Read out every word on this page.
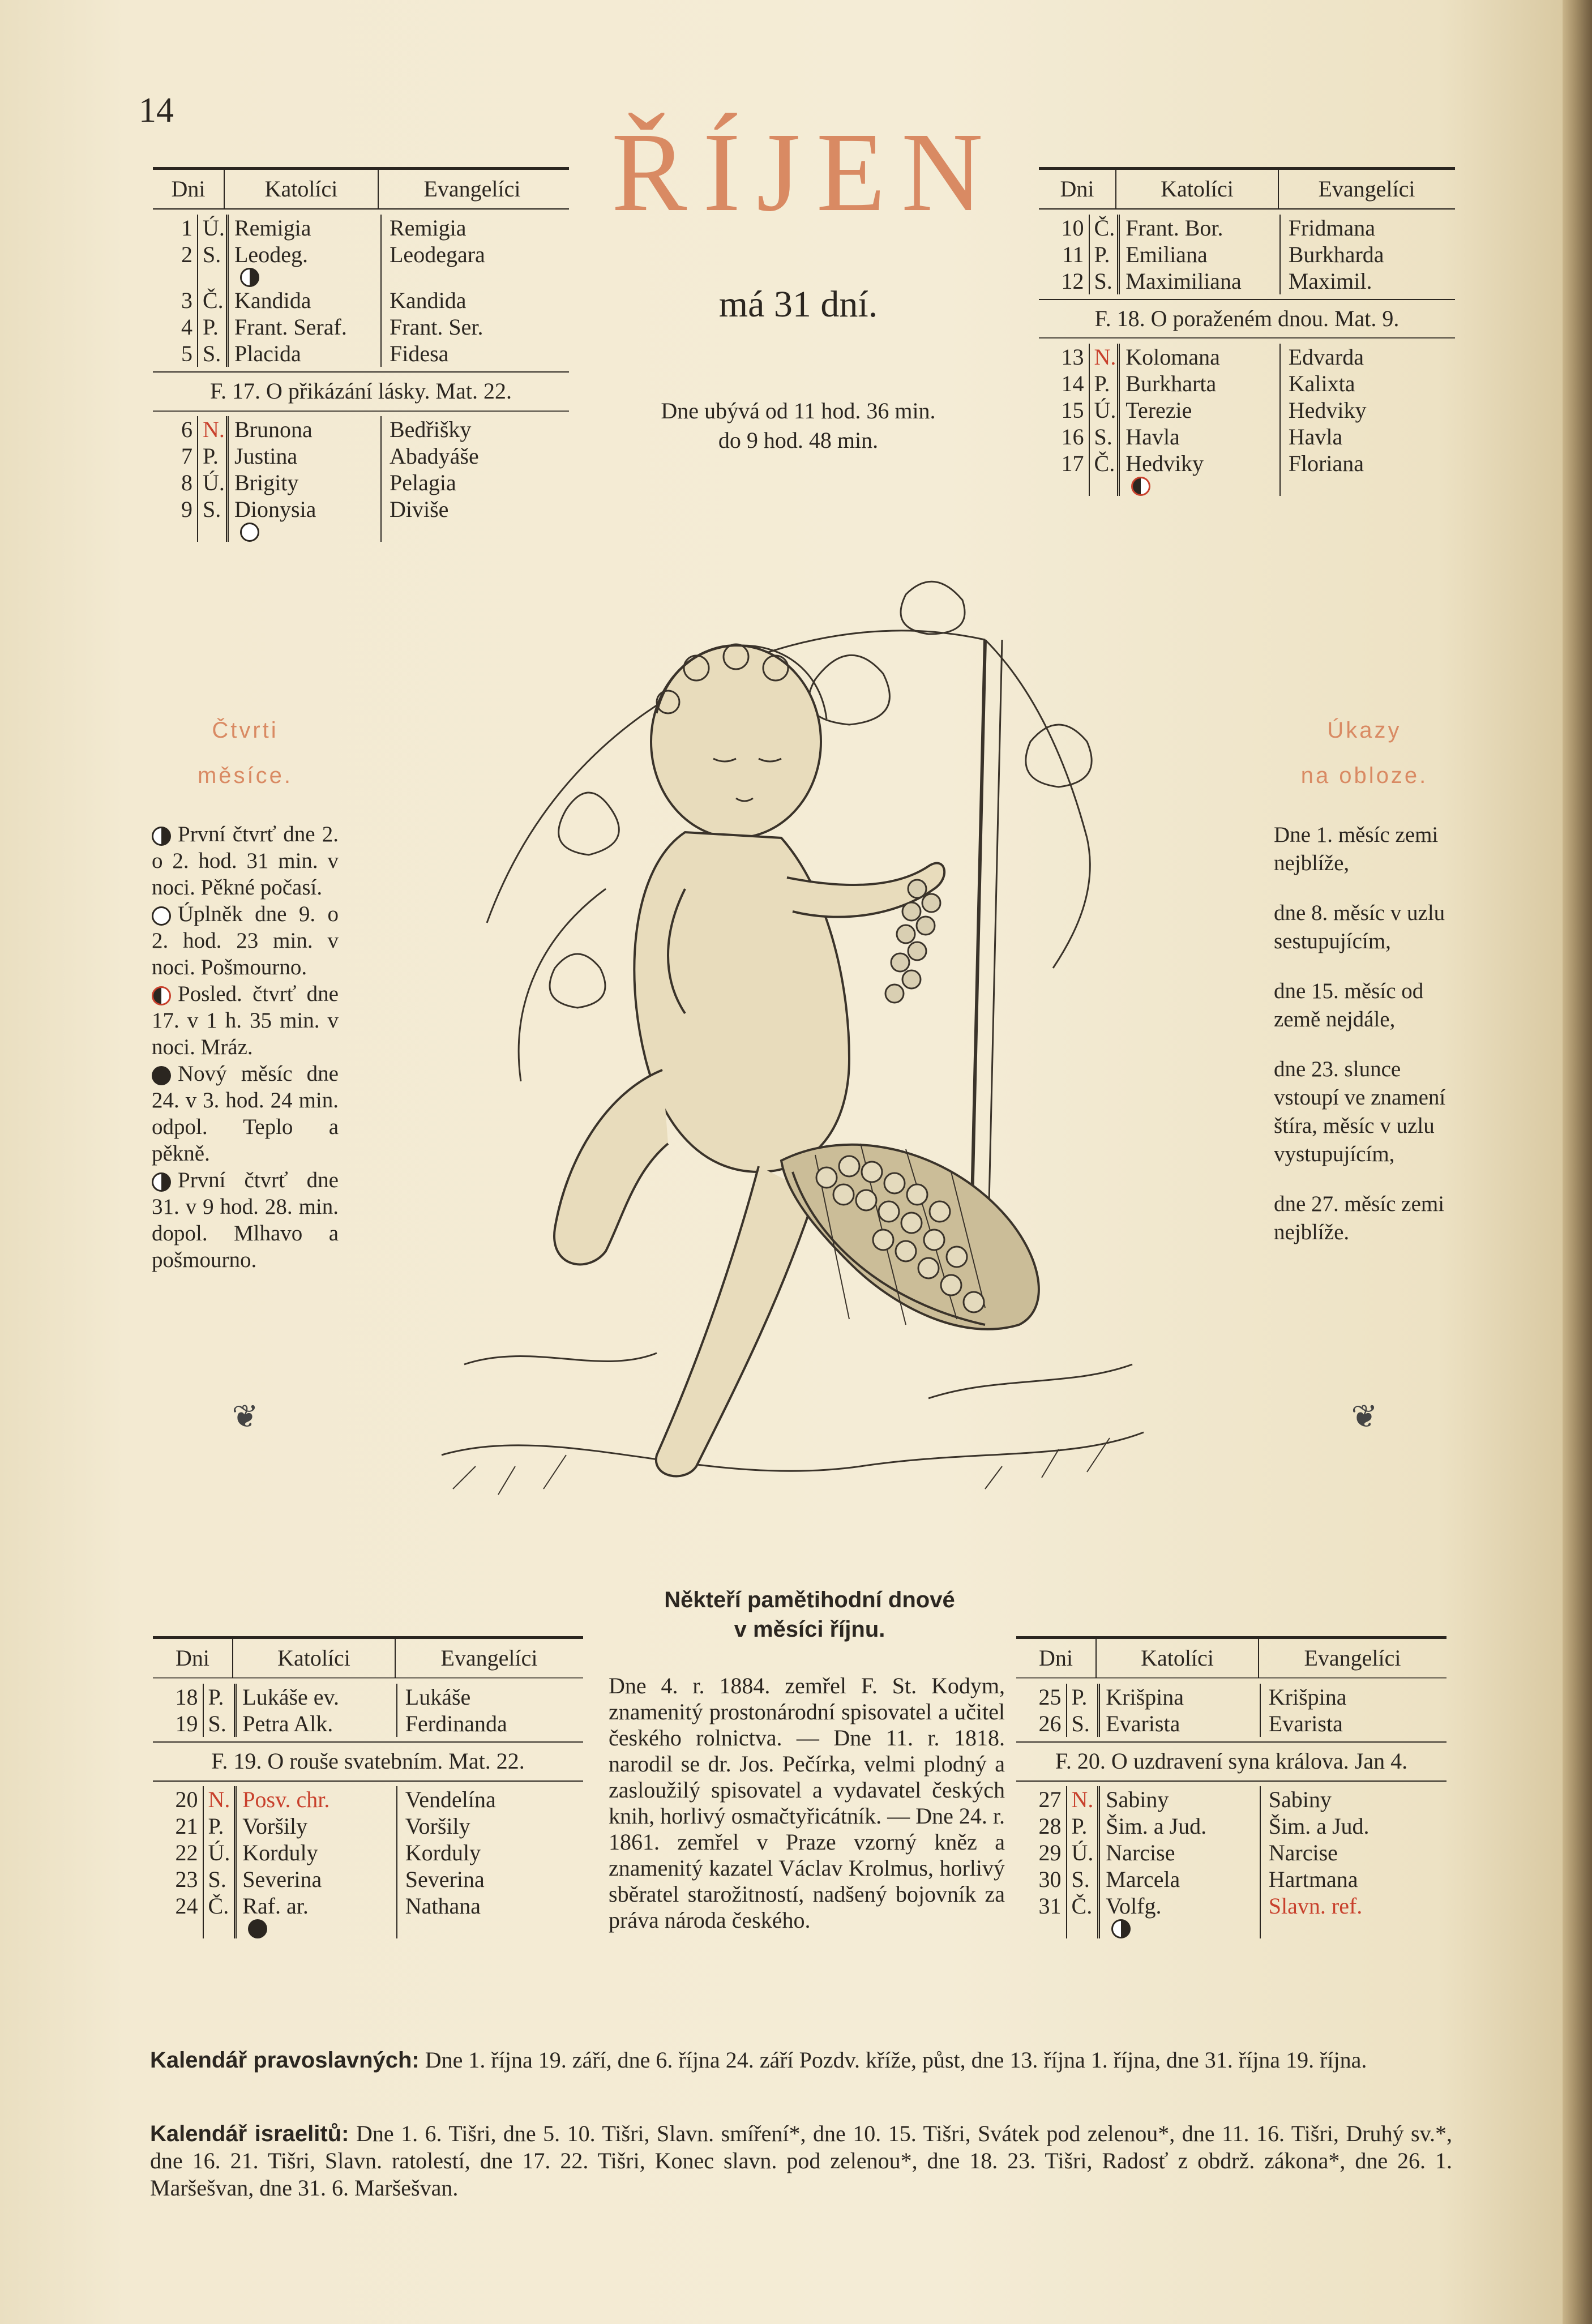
14	ŘÍJEN
má 31 dní.
Dne ubývá od 11 hod. 36 min.
do 9 hod. 48 min.
Dni	Katolíci	Evangelíci
1 Ú. Remigia	Remigia
2 S. Leodeg.	Leodegara
3 Č. Kandida	Kandida
4 P. Frant. Seraf.	Frant. Ser.
5 S. Placida	Fidesa
F. 17. O přikázání lásky. Mat. 22.
6 N. Brunona	Bedřišky
7 P. Justina	Abadyáše
8 Ú. Brigity	Pelagia
9 S. Dionysia	Diviše
Dni	Katolíci	Evangelíci
10 Č. Frant. Bor.	Fridmana
11 P. Emiliana	Burkharda
12 S. Maximiliana	Maximil.
F. 18. O poraženém dnou. Mat. 9.
13 N. Kolomana	Edvarda
14 P. Burkharta	Kalixta
15 Ú. Terezie	Hedviky
16 S. Havla	Havla
17 Č. Hedviky	Floriana
Dni	Katolíci	Evangelíci
18 P. Lukáše ev.	Lukáše
19 S. Petra Alk.	Ferdinanda
F. 19. O rouše svatebním. Mat. 22.
20 N. Posv. chr.	Vendelína
21 P. Voršily	Voršily
22 Ú. Korduly	Korduly
23 S. Severina	Severina
24 Č. Raf. ar.	Nathana
Dni	Katolíci	Evangelíci
25 P. Krišpina	Krišpina
26 S. Evarista	Evarista
F. 20. O uzdravení syna králova. Jan 4.
27 N. Sabiny	Sabiny
28 P. Šim. a Jud.	Šim. a Jud.
29 Ú. Narcise	Narcise
30 S. Marcela	Hartmana
31 Č. Volfg.	Slavn. ref.
Čtvrti
měsíce.

První čtvrť dne 2. o 2. hod. 31 min. v noci. Pěkné počasí.

Úplněk dne 9. o 2. hod. 23 min. v noci. Pošmourno.

Posled. čtvrť dne 17. v 1 h. 35 min. v noci. Mráz.

Nový měsíc dne 24. v 3. hod. 24 min. odpol. Teplo a pěkně.

První čtvrť dne 31. v 9 hod. 28. min. dopol. Mlhavo a pošmourno.

❦
Úkazy
na obloze.

Dne 1. měsíc zemi nejblíže,

dne 8. měsíc v uzlu sestupujícím,

dne 15. měsíc od země nejdále,

dne 23. slunce vstoupí ve znamení štíra, měsíc v uzlu vystupujícím,

dne 27. měsíc zemi nejblíže.

❦
Někteří pamětihodní dnové
v měsíci říjnu.
Dne 4. r. 1884. zemřel F. St. Kodym, znamenitý prostonárodní spisovatel a učitel českého rolnictva. — Dne 11. r. 1818. narodil se dr. Jos. Pečírka, velmi plodný a zasloužilý spisovatel a vydavatel českých knih, horlivý osmačtyřicátník. — Dne 24. r. 1861. zemřel v Praze vzorný kněz a znamenitý kazatel Václav Krolmus, horlivý sběratel starožitností, nadšený bojovník za práva národa českého.
Kalendář pravoslavných: Dne 1. října 19. září, dne 6. října 24. září Pozdv. kříže, půst, dne 13. října 1. října, dne 31. října 19. října.
Kalendář israelitů: Dne 1. 6. Tišri, dne 5. 10. Tišri, Slavn. smíření*, dne 10. 15. Tišri, Svátek pod zelenou*, dne 11. 16. Tišri, Druhý sv.*, dne 16. 21. Tišri, Slavn. ratolestí, dne 17. 22. Tišri, Konec slavn. pod zelenou*, dne 18. 23. Tišri, Radosť z obdrž. zákona*, dne 26. 1. Maršešvan, dne 31. 6. Maršešvan.
